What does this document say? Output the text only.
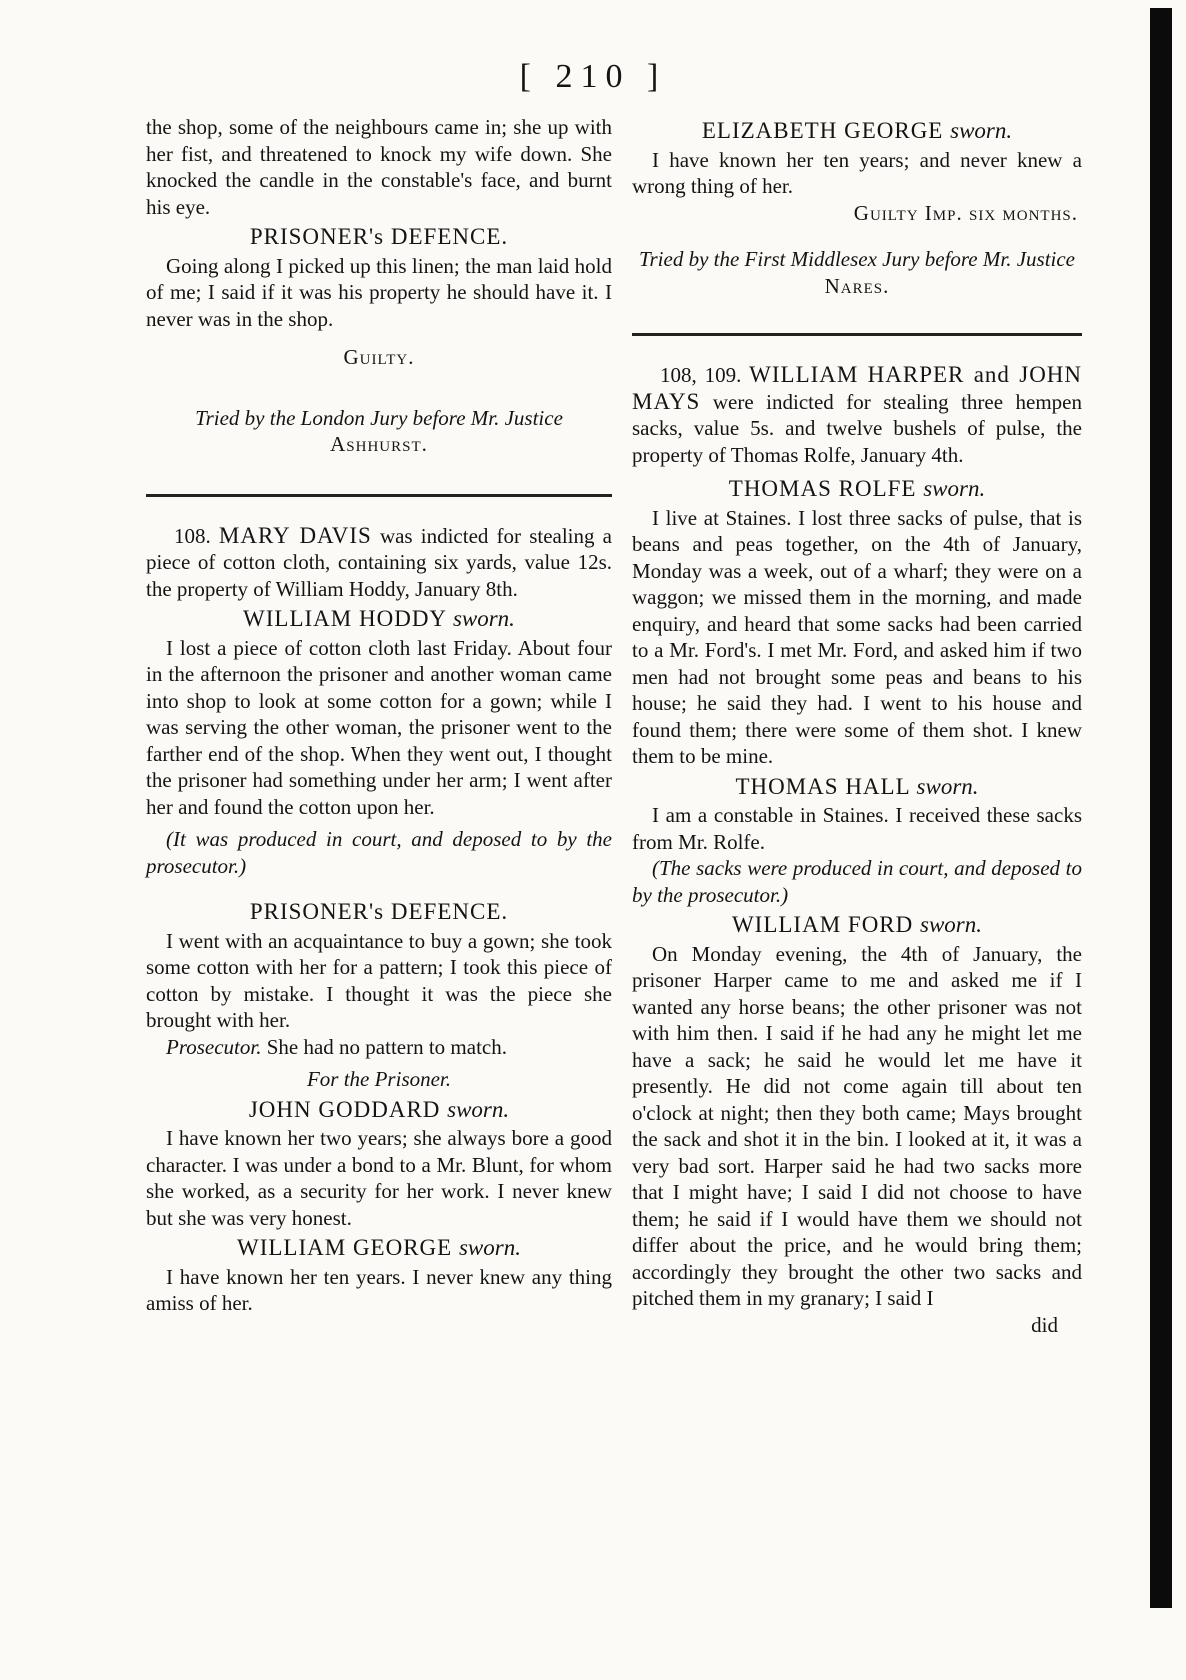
[ 210 ]

the shop, some of the neighbours came in; she up with her fist, and threatened to knock my wife down. She knocked the candle in the constable's face, and burnt his eye.

PRISONER's DEFENCE.

Going along I picked up this linen; the man laid hold of me; I said if it was his property he should have it. I never was in the shop.

Guilty.

Tried by the London Jury before Mr. Justice
Ashhurst.

108. MARY DAVIS was indicted for stealing a piece of cotton cloth, containing six yards, value 12s. the property of William Hoddy, January 8th.

WILLIAM HODDY sworn.

I lost a piece of cotton cloth last Friday. About four in the afternoon the prisoner and another woman came into shop to look at some cotton for a gown; while I was serving the other woman, the prisoner went to the farther end of the shop. When they went out, I thought the prisoner had something under her arm; I went after her and found the cotton upon her.

(It was produced in court, and deposed to by the prosecutor.)

PRISONER's DEFENCE.

I went with an acquaintance to buy a gown; she took some cotton with her for a pattern; I took this piece of cotton by mistake. I thought it was the piece she brought with her.

Prosecutor. She had no pattern to match.

For the Prisoner.

JOHN GODDARD sworn.

I have known her two years; she always bore a good character. I was under a bond to a Mr. Blunt, for whom she worked, as a security for her work. I never knew but she was very honest.

WILLIAM GEORGE sworn.

I have known her ten years. I never knew any thing amiss of her.

ELIZABETH GEORGE sworn.

I have known her ten years; and never knew a wrong thing of her.

Guilty Imp. six months.

Tried by the First Middlesex Jury before Mr. Justice Nares.

108, 109. WILLIAM HARPER and JOHN MAYS were indicted for stealing three hempen sacks, value 5s. and twelve bushels of pulse, the property of Thomas Rolfe, January 4th.

THOMAS ROLFE sworn.

I live at Staines. I lost three sacks of pulse, that is beans and peas together, on the 4th of January, Monday was a week, out of a wharf; they were on a waggon; we missed them in the morning, and made enquiry, and heard that some sacks had been carried to a Mr. Ford's. I met Mr. Ford, and asked him if two men had not brought some peas and beans to his house; he said they had. I went to his house and found them; there were some of them shot. I knew them to be mine.

THOMAS HALL sworn.

I am a constable in Staines. I received these sacks from Mr. Rolfe.

(The sacks were produced in court, and deposed to by the prosecutor.)

WILLIAM FORD sworn.

On Monday evening, the 4th of January, the prisoner Harper came to me and asked me if I wanted any horse beans; the other prisoner was not with him then. I said if he had any he might let me have a sack; he said he would let me have it presently. He did not come again till about ten o'clock at night; then they both came; Mays brought the sack and shot it in the bin. I looked at it, it was a very bad sort. Harper said he had two sacks more that I might have; I said I did not choose to have them; he said if I would have them we should not differ about the price, and he would bring them; accordingly they brought the other two sacks and pitched them in my granary; I said I

did
